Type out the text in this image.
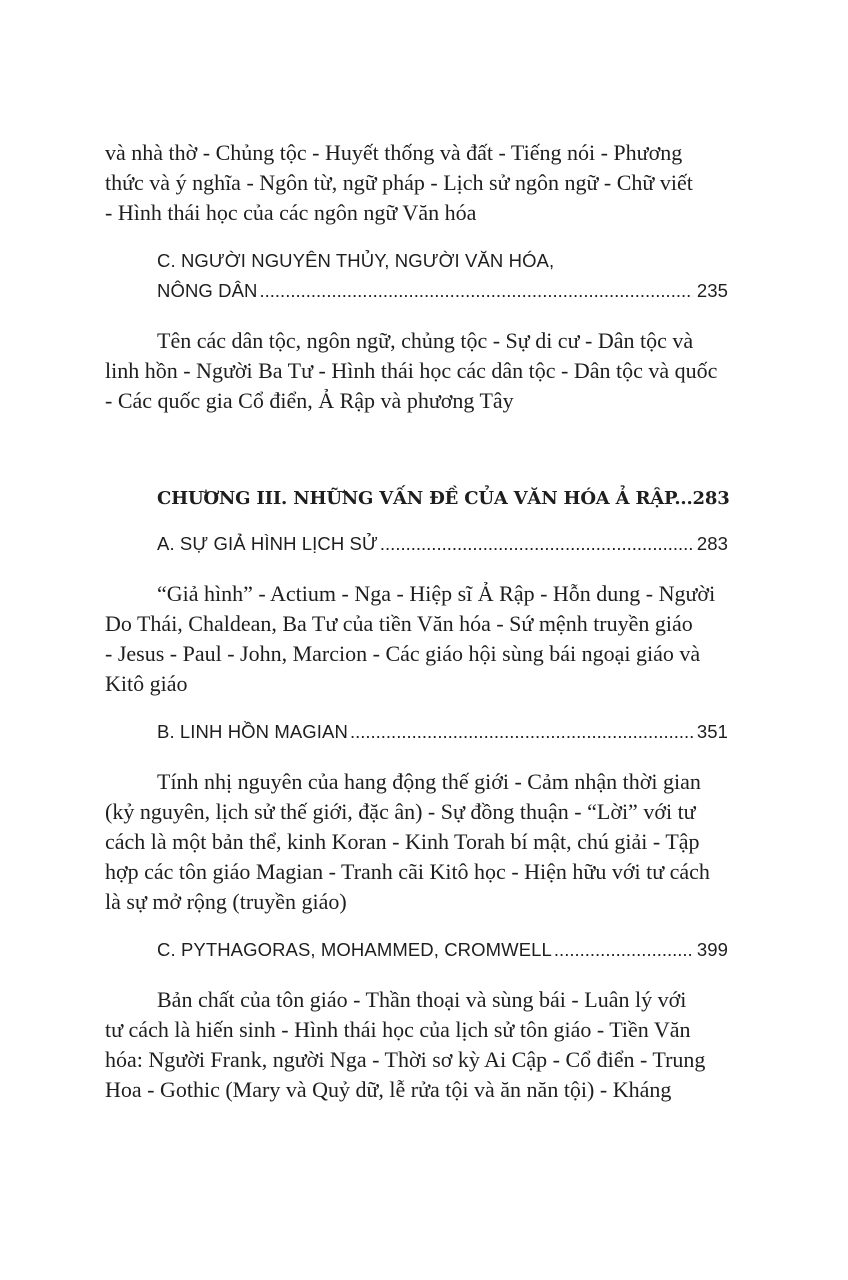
và nhà thờ - Chủng tộc - Huyết thống và đất - Tiếng nói - Phương
thức và ý nghĩa - Ngôn từ, ngữ pháp - Lịch sử ngôn ngữ - Chữ viết
- Hình thái học của các ngôn ngữ Văn hóa
C. NGƯỜI NGUYÊN THỦY, NGƯỜI VĂN HÓA,
NÔNG DÂN .....	235
Tên các dân tộc, ngôn ngữ, chủng tộc - Sự di cư - Dân tộc và
linh hồn - Người Ba Tư - Hình thái học các dân tộc - Dân tộc và quốc
- Các quốc gia Cổ điển, Ả Rập và phương Tây
CHƯƠNG III. NHỮNG VẤN ĐỀ CỦA VĂN HÓA Ả RẬP...283
A. SỰ GIẢ HÌNH LỊCH SỬ .....	283
“Giả hình” - Actium - Nga - Hiệp sĩ Ả Rập - Hỗn dung - Người
Do Thái, Chaldean, Ba Tư của tiền Văn hóa - Sứ mệnh truyền giáo
- Jesus - Paul - John, Marcion - Các giáo hội sùng bái ngoại giáo và
Kitô giáo
B. LINH HỒN MAGIAN .....	351
Tính nhị nguyên của hang động thế giới - Cảm nhận thời gian
(kỷ nguyên, lịch sử thế giới, đặc ân) - Sự đồng thuận - “Lời” với tư
cách là một bản thể, kinh Koran - Kinh Torah bí mật, chú giải - Tập
hợp các tôn giáo Magian - Tranh cãi Kitô học - Hiện hữu với tư cách
là sự mở rộng (truyền giáo)
C. PYTHAGORAS, MOHAMMED, CROMWELL .....	399
Bản chất của tôn giáo - Thần thoại và sùng bái - Luân lý với
tư cách là hiến sinh - Hình thái học của lịch sử tôn giáo - Tiền Văn
hóa: Người Frank, người Nga - Thời sơ kỳ Ai Cập - Cổ điển - Trung
Hoa - Gothic (Mary và Quỷ dữ, lễ rửa tội và ăn năn tội) - Kháng
